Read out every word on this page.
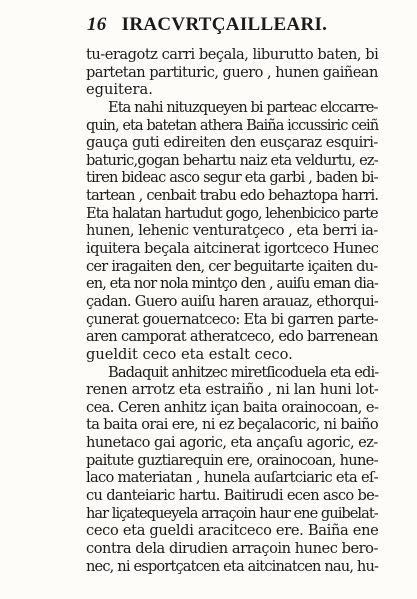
16 IRACVRTÇAILLEARI.
tu-eragotz carri beçala, liburutto baten, bi
partetan partituric, guero , hunen gaiñean
eguitera.
Eta nahi nituzqueyen bi parteac elccarre-
quin, eta batetan athera Baiña iccussiric ceiñ
gauça guti edireiten den eusçaraz esquiri-
baturic,gogan behartu naiz eta veldurtu, ez-
tiren bideac asco segur eta garbi , baden bi-
tartean , cenbait trabu edo behaztopa harri.
Eta halatan hartudut gogo, lehenbicico parte
hunen, lehenic venturatçeco , eta berri ia-
iquitera beçala aitcinerat igortceco Hunec
cer iragaiten den, cer beguitarte içaiten du-
en, eta nor nola mintço den , auiſu eman dia-
ҫadan. Guero auiſu haren arauaz, ethorqui-
çunerat gouernatceco: Eta bi garren parte-
aren camporat atheratceco, edo barrenean
gueldit ceco eta estalt ceco.
Badaquit anhitzec miretſicoduela eta edi-
renen arrotz eta estraiño , ni lan huni lot-
cea. Ceren anhitz içan baita orainocoan, e-
ta baita orai ere, ni ez beçalacoric, ni baiño
hunetaco gai agoric, eta ançaſu agoric, ez-
paitute guztiarequin ere, orainocoan, hune-
laco materiatan , hunela auſartciaric eta eſ-
cu danteiaric hartu. Baitirudi ecen asco be-
har liçatequeyela arraçoin haur ene guibelat-
ceco eta gueldi aracitceco ere. Baiña ene
contra dela dirudien arraçoin hunec bero-
nec, ni esportçatcen eta aitcinatcen nau, hu-
